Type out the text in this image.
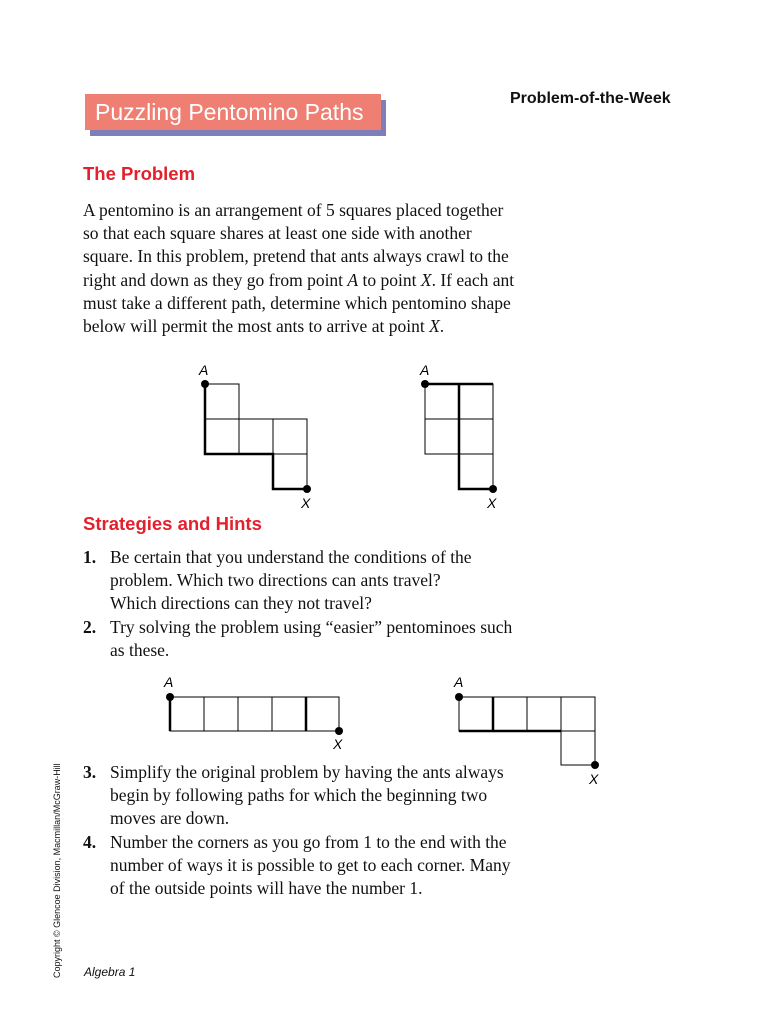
Puzzling Pentomino Paths
Problem-of-the-Week
The Problem

A pentomino is an arrangement of 5 squares placed together

so that each square shares at least one side with another

square. In this problem, pretend that ants always crawl to the

right and down as they go from point A to point X. If each ant

must take a different path, determine which pentomino shape

below will permit the most ants to arrive at point X.

A
X
A
X
A
X
A
X
Strategies and Hints
1. Be certain that you understand the conditions of the
problem. Which two directions can ants travel?
Which directions can they not travel?
2. Try solving the problem using “easier” pentominoes such
as these.
3. Simplify the original problem by having the ants always
begin by following paths for which the beginning two
moves are down.
4. Number the corners as you go from 1 to the end with the
number of ways it is possible to get to each corner. Many
of the outside points will have the number 1.
Copyright © Glencoe Division, Macmillan/McGraw-Hill Algebra 1
